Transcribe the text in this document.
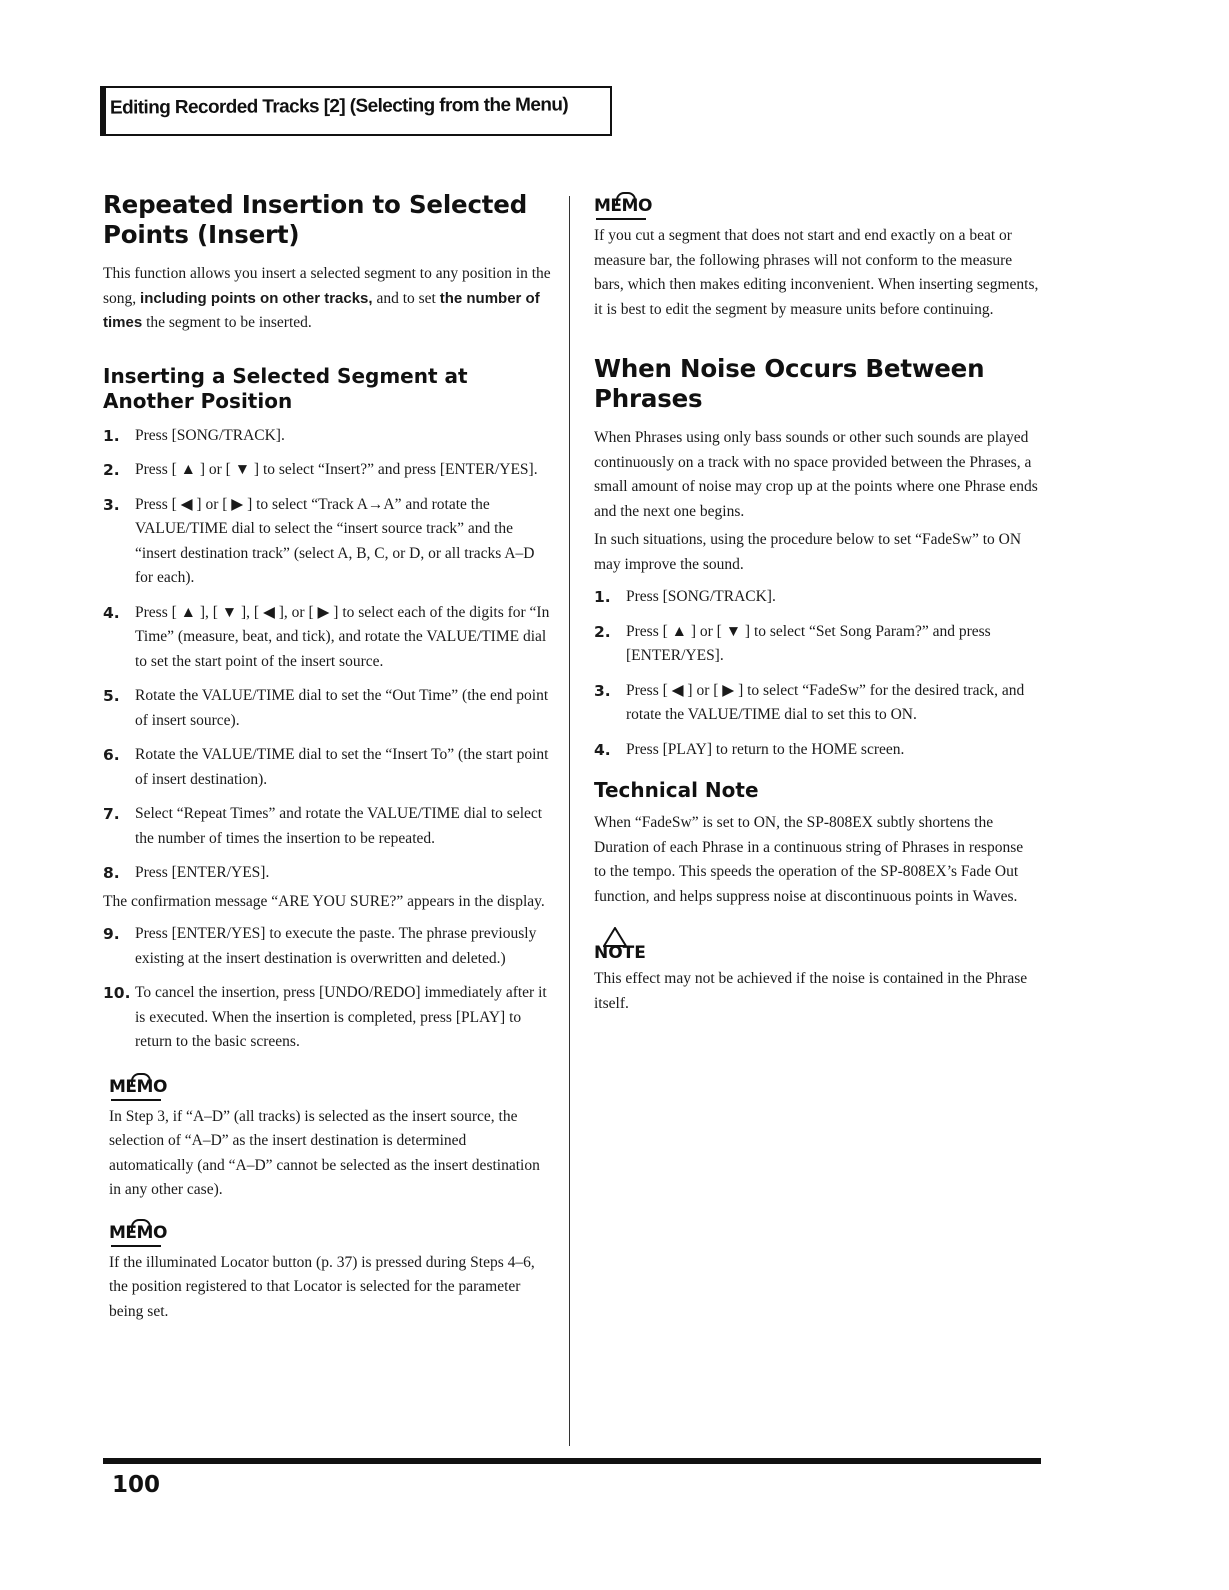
Editing Recorded Tracks [2] (Selecting from the Menu)
Repeated Insertion to Selected
Points (Insert)

This function allows you insert a selected segment to any position in the song, including points on other tracks, and to set the number of times the segment to be inserted.

Inserting a Selected Segment at
Another Position
1. Press [SONG/TRACK].
2. Press [ ▲ ] or [ ▼ ] to select “Insert?” and press [ENTER/YES].
3. Press [ ◀ ] or [ ▶ ] to select “Track A→A” and rotate the VALUE/TIME dial to select the “insert source track” and the “insert destination track” (select A, B, C, or D, or all tracks A–D for each).
4. Press [ ▲ ], [ ▼ ], [ ◀ ], or [ ▶ ] to select each of the digits for “In Time” (measure, beat, and tick), and rotate the VALUE/TIME dial to set the start point of the insert source.
5. Rotate the VALUE/TIME dial to set the “Out Time” (the end point of insert source).
6. Rotate the VALUE/TIME dial to set the “Insert To” (the start point of insert destination).
7. Select “Repeat Times” and rotate the VALUE/TIME dial to select the number of times the insertion to be repeated.
8. Press [ENTER/YES].

The confirmation message “ARE YOU SURE?” appears in the display.

9. Press [ENTER/YES] to execute the paste. The phrase previously existing at the insert destination is overwritten and deleted.)
10. To cancel the insertion, press [UNDO/REDO] immediately after it is executed. When the insertion is completed, press [PLAY] to return to the basic screens.
MEMO

In Step 3, if “A–D” (all tracks) is selected as the insert source, the selection of “A–D” as the insert destination is determined automatically (and “A–D” cannot be selected as the insert destination in any other case).

MEMO

If the illuminated Locator button (p. 37) is pressed during Steps 4–6, the position registered to that Locator is selected for the parameter being set.

MEMO

If you cut a segment that does not start and end exactly on a beat or measure bar, the following phrases will not conform to the measure bars, which then makes editing inconvenient. When inserting segments, it is best to edit the segment by measure units before continuing.

When Noise Occurs Between
Phrases

When Phrases using only bass sounds or other such sounds are played continuously on a track with no space provided between the Phrases, a small amount of noise may crop up at the points where one Phrase ends and the next one begins.

In such situations, using the procedure below to set “FadeSw” to ON may improve the sound.

1. Press [SONG/TRACK].
2. Press [ ▲ ] or [ ▼ ] to select “Set Song Param?” and press [ENTER/YES].
3. Press [ ◀ ] or [ ▶ ] to select “FadeSw” for the desired track, and rotate the VALUE/TIME dial to set this to ON.
4. Press [PLAY] to return to the HOME screen.
Technical Note

When “FadeSw” is set to ON, the SP-808EX subtly shortens the Duration of each Phrase in a continuous string of Phrases in response to the tempo. This speeds the operation of the SP-808EX’s Fade Out function, and helps suppress noise at discontinuous points in Waves.

NOTE

This effect may not be achieved if the noise is contained in the Phrase itself.

100
